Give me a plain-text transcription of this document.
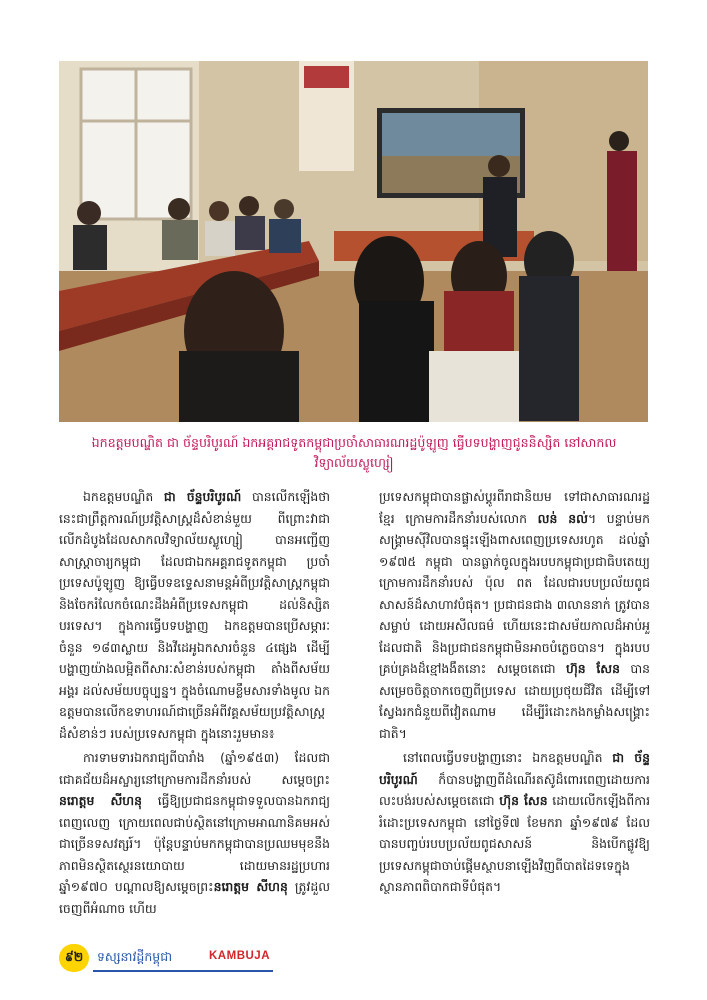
ឯកឧត្តមបណ្ឌិត ជា ច័ន្ទបរិបូរណ៍ ឯកអគ្គរាជទូតកម្ពុជាប្រចាំសាធារណរដ្ឋប៉ូឡូញ ធ្វើបទបង្ហាញជូននិស្សិត នៅសាកលវិទ្យាល័យស្លូហ្សៀ

ឯកឧត្តមបណ្ឌិត ជា ច័ន្ទបរិបូរណ៍ បានលើកឡើងថា នេះជាព្រឹត្តការណ៍ប្រវត្តិសាស្ត្រដ៏សំខាន់មួយ ពីព្រោះវាជាលើកដំបូងដែលសាកលវិទ្យាល័យស្លូហ្សៀ បានអញ្ជើញសាស្ត្រាចារ្យកម្ពុជា ដែលជាឯកអគ្គរាជទូតកម្ពុជា ប្រចាំប្រទេសប៉ូឡូញ ឱ្យធ្វើបទឧទ្ទេសនាមន្តអំពីប្រវត្តិសាស្ត្រកម្ពុជា និងចែករំលែកចំណេះដឹងអំពីប្រទេសកម្ពុជា ដល់និស្សិតបរទេស។ ក្នុងការធ្វើបទបង្ហាញ ឯកឧត្តមបានប្រើសម្ភារៈចំនួន ១៨៣ស្លាយ និងវីដេអូឯកសារចំនួន ៤ផ្សេង ដើម្បីបង្ហាញយ៉ាងលម្អិតពីសារៈសំខាន់របស់កម្ពុជា តាំងពីសម័យអង្គរ ដល់សម័យបច្ចុប្បន្ន។ ក្នុងចំណោមខ្លឹមសារទាំងមូល ឯកឧត្តមបានលើកឧទាហរណ៍ជាច្រើនអំពីវគ្គសម័យប្រវត្តិសាស្ត្រដ៏សំខាន់ៗ របស់ប្រទេសកម្ពុជា ក្នុងនោះរួមមាន៖

ការទាមទារឯករាជ្យពីបារាំង (ឆ្នាំ១៩៥៣) ដែលជាជោគជ័យដ៏អស្ចារ្យនៅក្រោមការដឹកនាំរបស់ សម្ដេចព្រះ នរោត្តម សីហនុ ធ្វើឱ្យប្រជាជនកម្ពុជាទទួលបានឯករាជ្យពេញលេញ ក្រោយពេលជាប់ស្ថិតនៅក្រោមអាណានិគមអស់ជាច្រើនទសវត្សរ៍។ ប៉ុន្តែបន្ទាប់មកកម្ពុជាបានប្រឈមមុខនឹងភាពមិនស្ថិតស្ថេរនយោបាយ ដោយមានរដ្ឋប្រហារ ឆ្នាំ១៩៧០ បណ្ដាលឱ្យសម្ដេចព្រះនរោត្តម សីហនុ ត្រូវដួលចេញពីអំណាច ហើយ

ប្រទេសកម្ពុជាបានផ្លាស់ប្ដូរពីរាជានិយម ទៅជាសាធារណរដ្ឋខ្មែរ ក្រោមការដឹកនាំរបស់លោក លន់ នល់។ បន្ទាប់មក សង្គ្រាមស៊ីវិលបានផ្ទុះឡើងពាសពេញប្រទេសរហូត ដល់ឆ្នាំ ១៩៧៥ កម្ពុជា បានធ្លាក់ចូលក្នុងរបបកម្ពុជាប្រជាធិបតេយ្យ ក្រោមការដឹកនាំរបស់ ប៉ុល ពត ដែលជារបបប្រល័យពូជសាសន៍ដ៏សាហាវបំផុត។ ប្រជាជនជាង ៣លាននាក់ ត្រូវបានសម្លាប់ ដោយអសីលធម៌ ហើយនេះជាសម័យកាលដ៏អាប់អួ ដែលជាតិ និងប្រជាជនកម្ពុជាមិនអាចបំភ្លេចបាន។ ក្នុងរបបគ្រប់គ្រងដ៏ខ្មៅងងឹតនោះ សម្ដេចតេជោ ហ៊ុន សែន បានសម្រេចចិត្តចាកចេញពីប្រទេស ដោយប្រថុយជីវិត ដើម្បីទៅស្វែងរកជំនួយពីវៀតណាម ដើម្បីរំដោះកងកម្លាំងសង្គ្រោះជាតិ។

នៅពេលធ្វើបទបង្ហាញនោះ ឯកឧត្តមបណ្ឌិត ជា ច័ន្ទបរិបូរណ៍ ក៏បានបង្ហាញពីដំណើរតស៊ូដ៏ពោរពេញដោយការលះបង់របស់សម្ដេចតេជោ ហ៊ុន សែន ដោយលើកឡើងពីការរំដោះប្រទេសកម្ពុជា នៅថ្ងៃទី៧ ខែមករា ឆ្នាំ១៩៧៩ ដែលបានបញ្ចប់របបប្រល័យពូជសាសន៍ និងបើកផ្លូវឱ្យប្រទេសកម្ពុជាចាប់ផ្ដើមស្ថាបនាឡើងវិញពីបាតដៃទទេក្នុងស្ថានភាពពិបាកជាទីបំផុត។

៩២	ទស្សនាវដ្ដីកម្ពុជា	KAMBUJA
